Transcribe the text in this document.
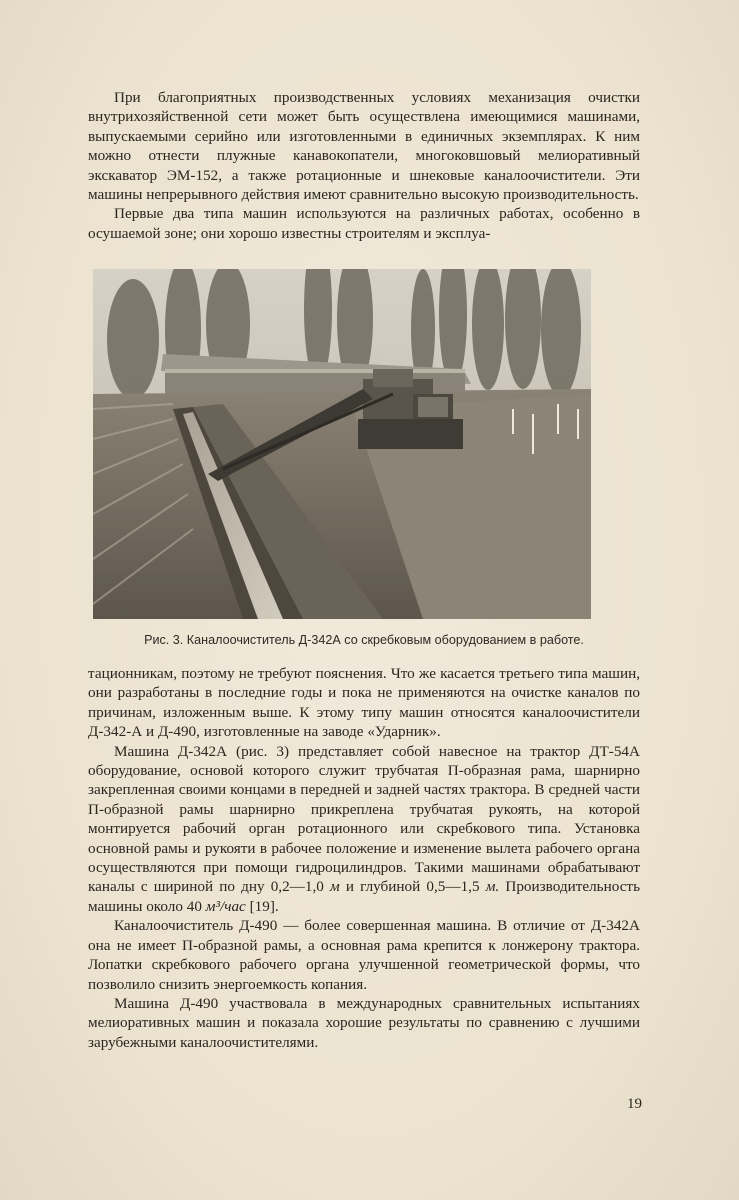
При благоприятных производственных условиях механизация очистки внутрихозяйственной сети может быть осуществлена имеющимися машинами, выпускаемыми серийно или изготовленными в единичных экземплярах. К ним можно отнести плужные канавокопатели, многоковшовый мелиоративный экскаватор ЭМ-152, а также ротационные и шнековые каналоочистители. Эти машины непрерывного действия имеют сравнительно высокую производительность.

Первые два типа машин используются на различных работах, особенно в осушаемой зоне; они хорошо известны строителям и эксплуа-

Рис. 3. Каналоочиститель Д-342А со скребковым оборудованием в работе.

тационникам, поэтому не требуют пояснения. Что же касается третьего типа машин, они разработаны в последние годы и пока не применяются на очистке каналов по причинам, изложенным выше. К этому типу машин относятся каналоочистители Д-342-А и Д-490, изготовленные на заводе «Ударник».

Машина Д-342А (рис. 3) представляет собой навесное на трактор ДТ-54А оборудование, основой которого служит трубчатая П-образная рама, шарнирно закрепленная своими концами в передней и задней частях трактора. В средней части П-образной рамы шарнирно прикреплена трубчатая рукоять, на которой монтируется рабочий орган ротационного или скребкового типа. Установка основной рамы и рукояти в рабочее положение и изменение вылета рабочего органа осуществляются при помощи гидроцилиндров. Такими машинами обрабатывают каналы с шириной по дну 0,2—1,0 м и глубиной 0,5—1,5 м. Производительность машины около 40 м³/час [19].

Каналоочиститель Д-490 — более совершенная машина. В отличие от Д-342А она не имеет П-образной рамы, а основная рама крепится к лонжерону трактора. Лопатки скребкового рабочего органа улучшенной геометрической формы, что позволило снизить энергоемкость копания.

Машина Д-490 участвовала в международных сравнительных испытаниях мелиоративных машин и показала хорошие результаты по сравнению с лучшими зарубежными каналоочистителями.

19
